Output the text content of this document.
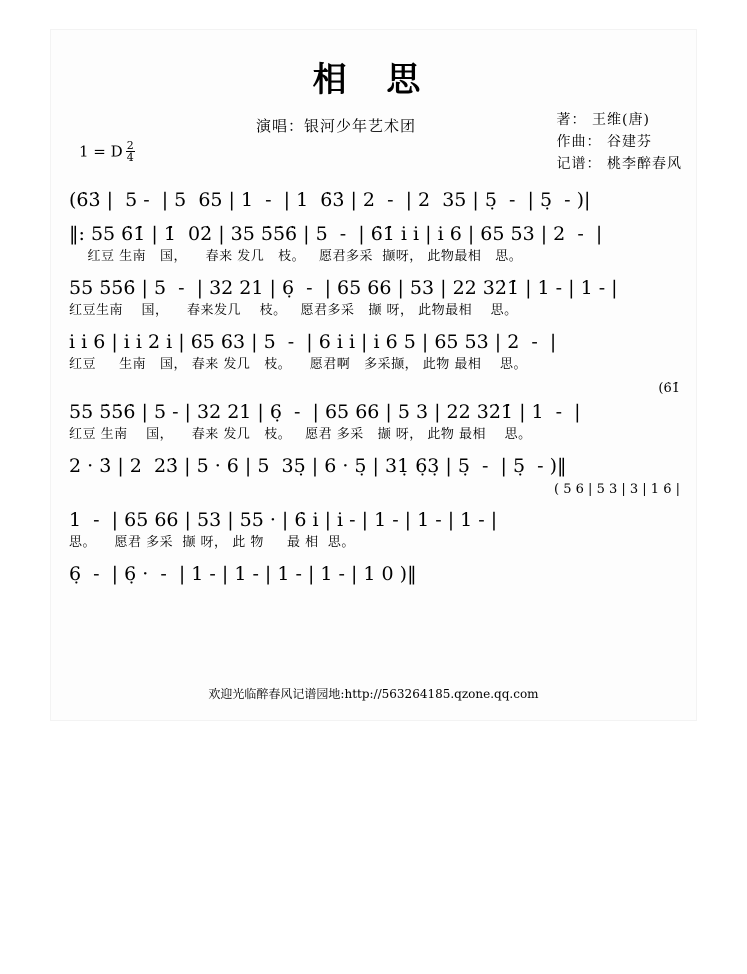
相 思
演唱：银河少年艺术团	著： 王维(唐)
作曲： 谷建芬
记谱： 桃李醉春风
1 = D $\frac{2}{4}$
(6̇3̇ |  5 -  | 5  65 | 1  -  | 1  6̇3̇ | 2  -  | 2  35 | 5̣  -  | 5̣  - )|
‖: 55 6̇1̇ | 1̇  02̇ | 35 5̇5̇6̇ | 5  -  | 6̇1̇ i i | i 6 | 65 53 | 2  -  |
红豆 生南   国，    春来 发几   枝。   愿君多采  撷呀， 此物最相   思。
55 5̇5̇6̇ | 5  -  | 32 21 | 6̣  -  | 65 66 | 53 | 22 32̇1̇ | 1 - | 1 - |
红豆生南    国，    春来发几    枝。   愿君多采   撷 呀， 此物最相    思。
i i 6 | i i 2 i | 65 63 | 5  -  | 6 i i | i 6 5 | 65 53 | 2  -  |
红豆     生南   国， 春来 发几   枝。    愿君啊   多采撷， 此物 最相    思。
(6̇1̇
55 5̇5̇6̇ | 5 - | 32 21 | 6̣  -  | 65 66 | 5 3 | 22 32̇1̇ | 1  -  |
红豆 生南    国，    春来 发几   枝。   愿君 多采   撷 呀， 此物 最相    思。
2 · 3̇ | 2  23̇ | 5 · 6 | 5  35̣ | 6 · 5̣ | 31̣ 6̣3̣ | 5̣  -  | 5̣  - )‖
( 5 6 | 5 3 | 3 | 1 6̇ |
1  -  | 65 66 | 53 | 55 · | 6̇ i | i - | 1 - | 1 - | 1 - |
思。    愿君 多采  撷 呀， 此 物     最 相  思。
6̣  -  | 6̣ ·  -  | 1 - | 1 - | 1 - | 1 - | 1 0 )‖
欢迎光临醉春风记谱园地:http://563264185.qzone.qq.com
